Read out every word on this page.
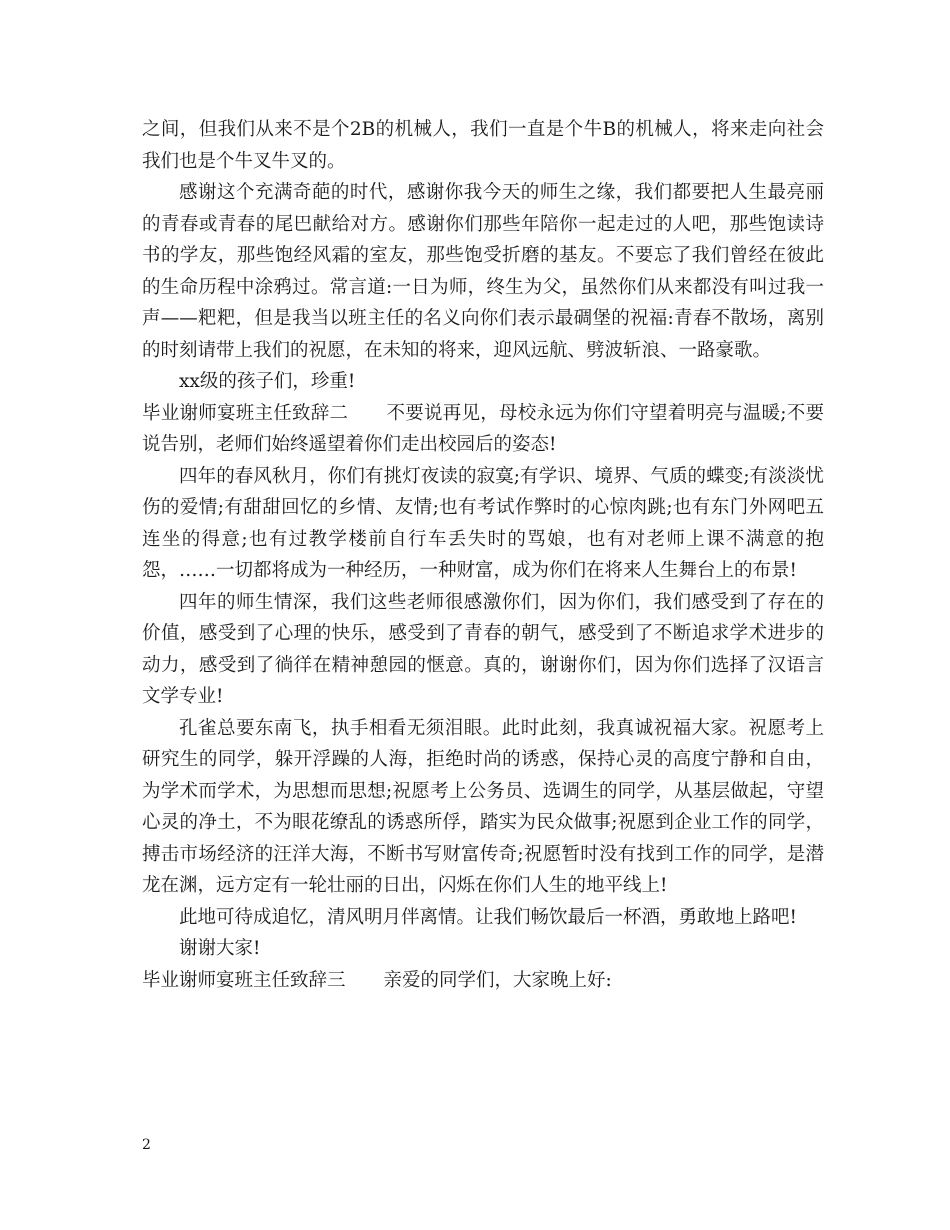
之间，但我们从来不是个2B的机械人，我们一直是个牛B的机械人，将来走向社会我们也是个牛叉牛叉的。

感谢这个充满奇葩的时代，感谢你我今天的师生之缘，我们都要把人生最亮丽的青春或青春的尾巴献给对方。感谢你们那些年陪你一起走过的人吧，那些饱读诗书的学友，那些饱经风霜的室友，那些饱受折磨的基友。不要忘了我们曾经在彼此的生命历程中涂鸦过。常言道:一日为师，终生为父，虽然你们从来都没有叫过我一声——粑粑，但是我当以班主任的名义向你们表示最碉堡的祝福:青春不散场，离别的时刻请带上我们的祝愿，在未知的将来，迎风远航、劈波斩浪、一路豪歌。

xx级的孩子们，珍重!

毕业谢师宴班主任致辞二 不要说再见，母校永远为你们守望着明亮与温暖;不要说告别，老师们始终遥望着你们走出校园后的姿态!

四年的春风秋月，你们有挑灯夜读的寂寞;有学识、境界、气质的蝶变;有淡淡忧伤的爱情;有甜甜回忆的乡情、友情;也有考试作弊时的心惊肉跳;也有东门外网吧五连坐的得意;也有过教学楼前自行车丢失时的骂娘，也有对老师上课不满意的抱怨，……一切都将成为一种经历，一种财富，成为你们在将来人生舞台上的布景!

四年的师生情深，我们这些老师很感激你们，因为你们，我们感受到了存在的价值，感受到了心理的快乐，感受到了青春的朝气，感受到了不断追求学术进步的动力，感受到了徜徉在精神憩园的惬意。真的，谢谢你们，因为你们选择了汉语言文学专业!

孔雀总要东南飞，执手相看无须泪眼。此时此刻，我真诚祝福大家。祝愿考上研究生的同学，躲开浮躁的人海，拒绝时尚的诱惑，保持心灵的高度宁静和自由，为学术而学术，为思想而思想;祝愿考上公务员、选调生的同学，从基层做起，守望心灵的净土，不为眼花缭乱的诱惑所俘，踏实为民众做事;祝愿到企业工作的同学，搏击市场经济的汪洋大海，不断书写财富传奇;祝愿暂时没有找到工作的同学，是潜龙在渊，远方定有一轮壮丽的日出，闪烁在你们人生的地平线上!

此地可待成追忆，清风明月伴离情。让我们畅饮最后一杯酒，勇敢地上路吧!

谢谢大家!

毕业谢师宴班主任致辞三 亲爱的同学们，大家晚上好:

2
